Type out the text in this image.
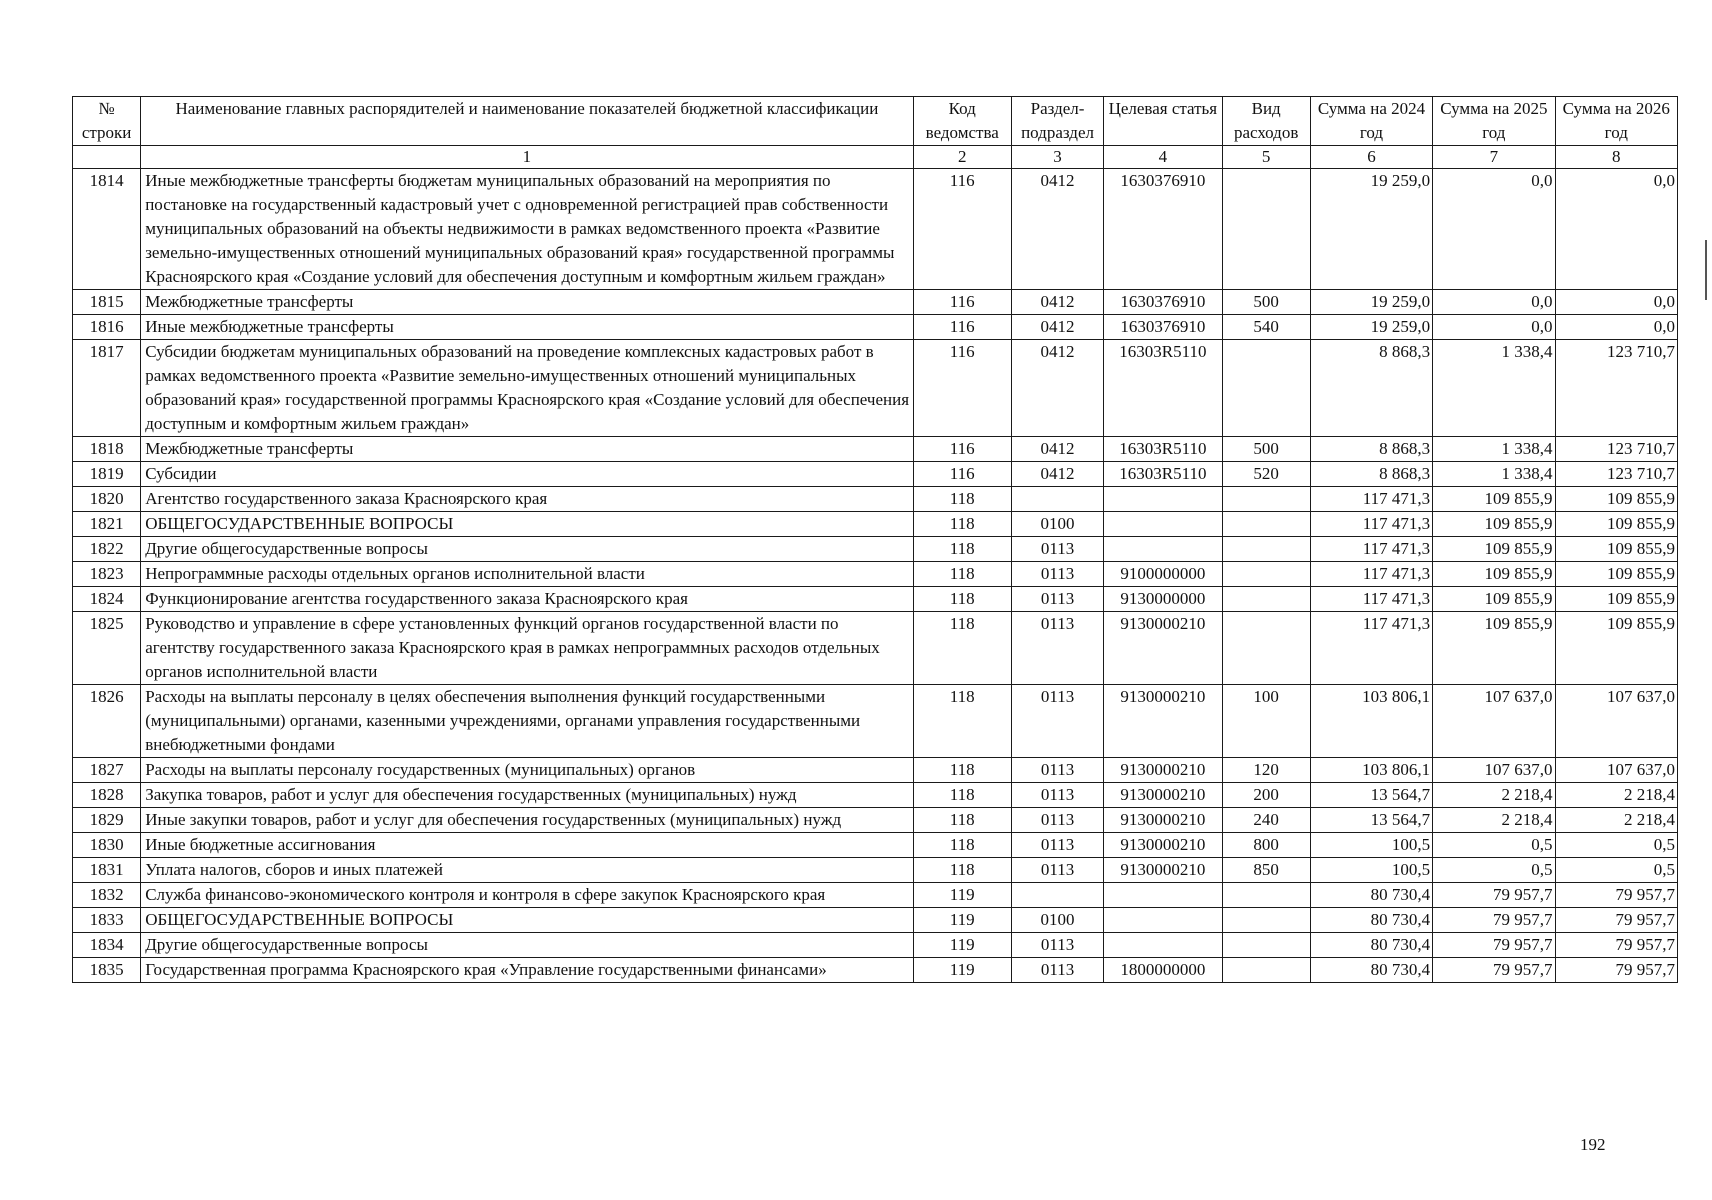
№ строки	Наименование главных распорядителей и наименование показателей бюджетной классификации	Код ведомства	Раздел-подраздел	Целевая статья	Вид расходов	Сумма на 2024 год	Сумма на 2025 год	Сумма на 2026 год
	1	2	3	4	5	6	7	8
1814	Иные межбюджетные трансферты бюджетам муниципальных образований на мероприятия по постановке на государственный кадастровый учет с одновременной регистрацией прав собственности муниципальных образований на объекты недвижимости в рамках ведомственного проекта «Развитие земельно-имущественных отношений муниципальных образований края» государственной программы Красноярского края «Создание условий для обеспечения доступным и комфортным жильем граждан»	116	0412	1630376910		19 259,0	0,0	0,0
1815	Межбюджетные трансферты	116	0412	1630376910	500	19 259,0	0,0	0,0
1816	Иные межбюджетные трансферты	116	0412	1630376910	540	19 259,0	0,0	0,0
1817	Субсидии бюджетам муниципальных образований на проведение комплексных кадастровых работ в рамках ведомственного проекта «Развитие земельно-имущественных отношений муниципальных образований края» государственной программы Красноярского края «Создание условий для обеспечения доступным и комфортным жильем граждан»	116	0412	16303R5110		8 868,3	1 338,4	123 710,7
1818	Межбюджетные трансферты	116	0412	16303R5110	500	8 868,3	1 338,4	123 710,7
1819	Субсидии	116	0412	16303R5110	520	8 868,3	1 338,4	123 710,7
1820	Агентство государственного заказа Красноярского края	118				117 471,3	109 855,9	109 855,9
1821	ОБЩЕГОСУДАРСТВЕННЫЕ ВОПРОСЫ	118	0100			117 471,3	109 855,9	109 855,9
1822	Другие общегосударственные вопросы	118	0113			117 471,3	109 855,9	109 855,9
1823	Непрограммные расходы отдельных органов исполнительной власти	118	0113	9100000000		117 471,3	109 855,9	109 855,9
1824	Функционирование агентства государственного заказа Красноярского края	118	0113	9130000000		117 471,3	109 855,9	109 855,9
1825	Руководство и управление в сфере установленных функций органов государственной власти по агентству государственного заказа Красноярского края в рамках непрограммных расходов отдельных органов исполнительной власти	118	0113	9130000210		117 471,3	109 855,9	109 855,9
1826	Расходы на выплаты персоналу в целях обеспечения выполнения функций государственными (муниципальными) органами, казенными учреждениями, органами управления государственными внебюджетными фондами	118	0113	9130000210	100	103 806,1	107 637,0	107 637,0
1827	Расходы на выплаты персоналу государственных (муниципальных) органов	118	0113	9130000210	120	103 806,1	107 637,0	107 637,0
1828	Закупка товаров, работ и услуг для обеспечения государственных (муниципальных) нужд	118	0113	9130000210	200	13 564,7	2 218,4	2 218,4
1829	Иные закупки товаров, работ и услуг для обеспечения государственных (муниципальных) нужд	118	0113	9130000210	240	13 564,7	2 218,4	2 218,4
1830	Иные бюджетные ассигнования	118	0113	9130000210	800	100,5	0,5	0,5
1831	Уплата налогов, сборов и иных платежей	118	0113	9130000210	850	100,5	0,5	0,5
1832	Служба финансово-экономического контроля и контроля в сфере закупок Красноярского края	119				80 730,4	79 957,7	79 957,7
1833	ОБЩЕГОСУДАРСТВЕННЫЕ ВОПРОСЫ	119	0100			80 730,4	79 957,7	79 957,7
1834	Другие общегосударственные вопросы	119	0113			80 730,4	79 957,7	79 957,7
1835	Государственная программа Красноярского края «Управление государственными финансами»	119	0113	1800000000		80 730,4	79 957,7	79 957,7
192
